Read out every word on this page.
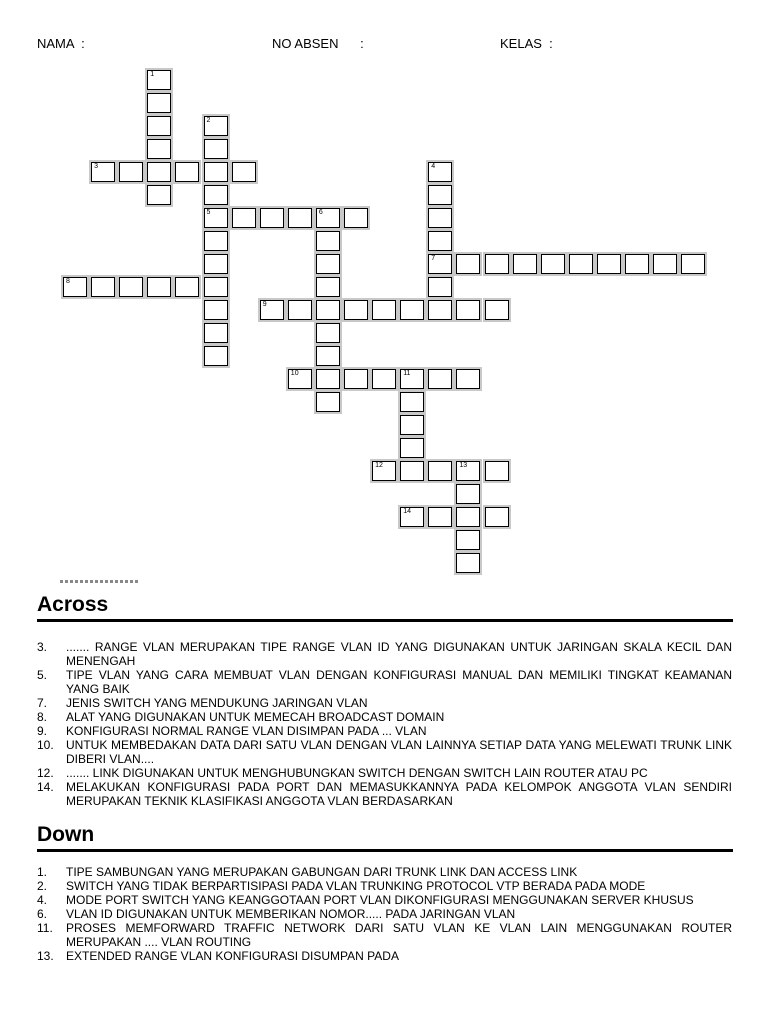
NAMA  :	NO ABSEN      :	KELAS  :
1
2
5
3	4
7
6
8
9
10	11
12	13
14
Across
3. ....... RANGE VLAN MERUPAKAN TIPE RANGE VLAN ID YANG DIGUNAKAN UNTUK JARINGAN SKALA KECIL DAN MENENGAH
5. TIPE VLAN YANG CARA MEMBUAT VLAN DENGAN KONFIGURASI MANUAL DAN MEMILIKI TINGKAT KEAMANAN YANG BAIK
7. JENIS SWITCH YANG MENDUKUNG JARINGAN VLAN
8. ALAT YANG DIGUNAKAN UNTUK MEMECAH BROADCAST DOMAIN
9. KONFIGURASI NORMAL RANGE VLAN DISIMPAN PADA ... VLAN
10. UNTUK MEMBEDAKAN DATA DARI SATU VLAN DENGAN VLAN LAINNYA SETIAP DATA YANG MELEWATI TRUNK LINK DIBERI VLAN....
12. ....... LINK DIGUNAKAN UNTUK MENGHUBUNGKAN SWITCH DENGAN SWITCH LAIN ROUTER ATAU PC
14. MELAKUKAN KONFIGURASI PADA PORT DAN MEMASUKKANNYA PADA KELOMPOK ANGGOTA VLAN SENDIRI MERUPAKAN TEKNIK KLASIFIKASI ANGGOTA VLAN BERDASARKAN
Down
1. TIPE SAMBUNGAN YANG MERUPAKAN GABUNGAN DARI TRUNK LINK DAN ACCESS LINK
2. SWITCH YANG TIDAK BERPARTISIPASI PADA VLAN TRUNKING PROTOCOL VTP BERADA PADA MODE
4. MODE PORT SWITCH YANG KEANGGOTAAN PORT VLAN DIKONFIGURASI MENGGUNAKAN SERVER KHUSUS
6. VLAN ID DIGUNAKAN UNTUK MEMBERIKAN NOMOR..... PADA JARINGAN VLAN
11. PROSES MEMFORWARD TRAFFIC NETWORK DARI SATU VLAN KE VLAN LAIN MENGGUNAKAN ROUTER MERUPAKAN .... VLAN ROUTING
13. EXTENDED RANGE VLAN KONFIGURASI DISUMPAN PADA
